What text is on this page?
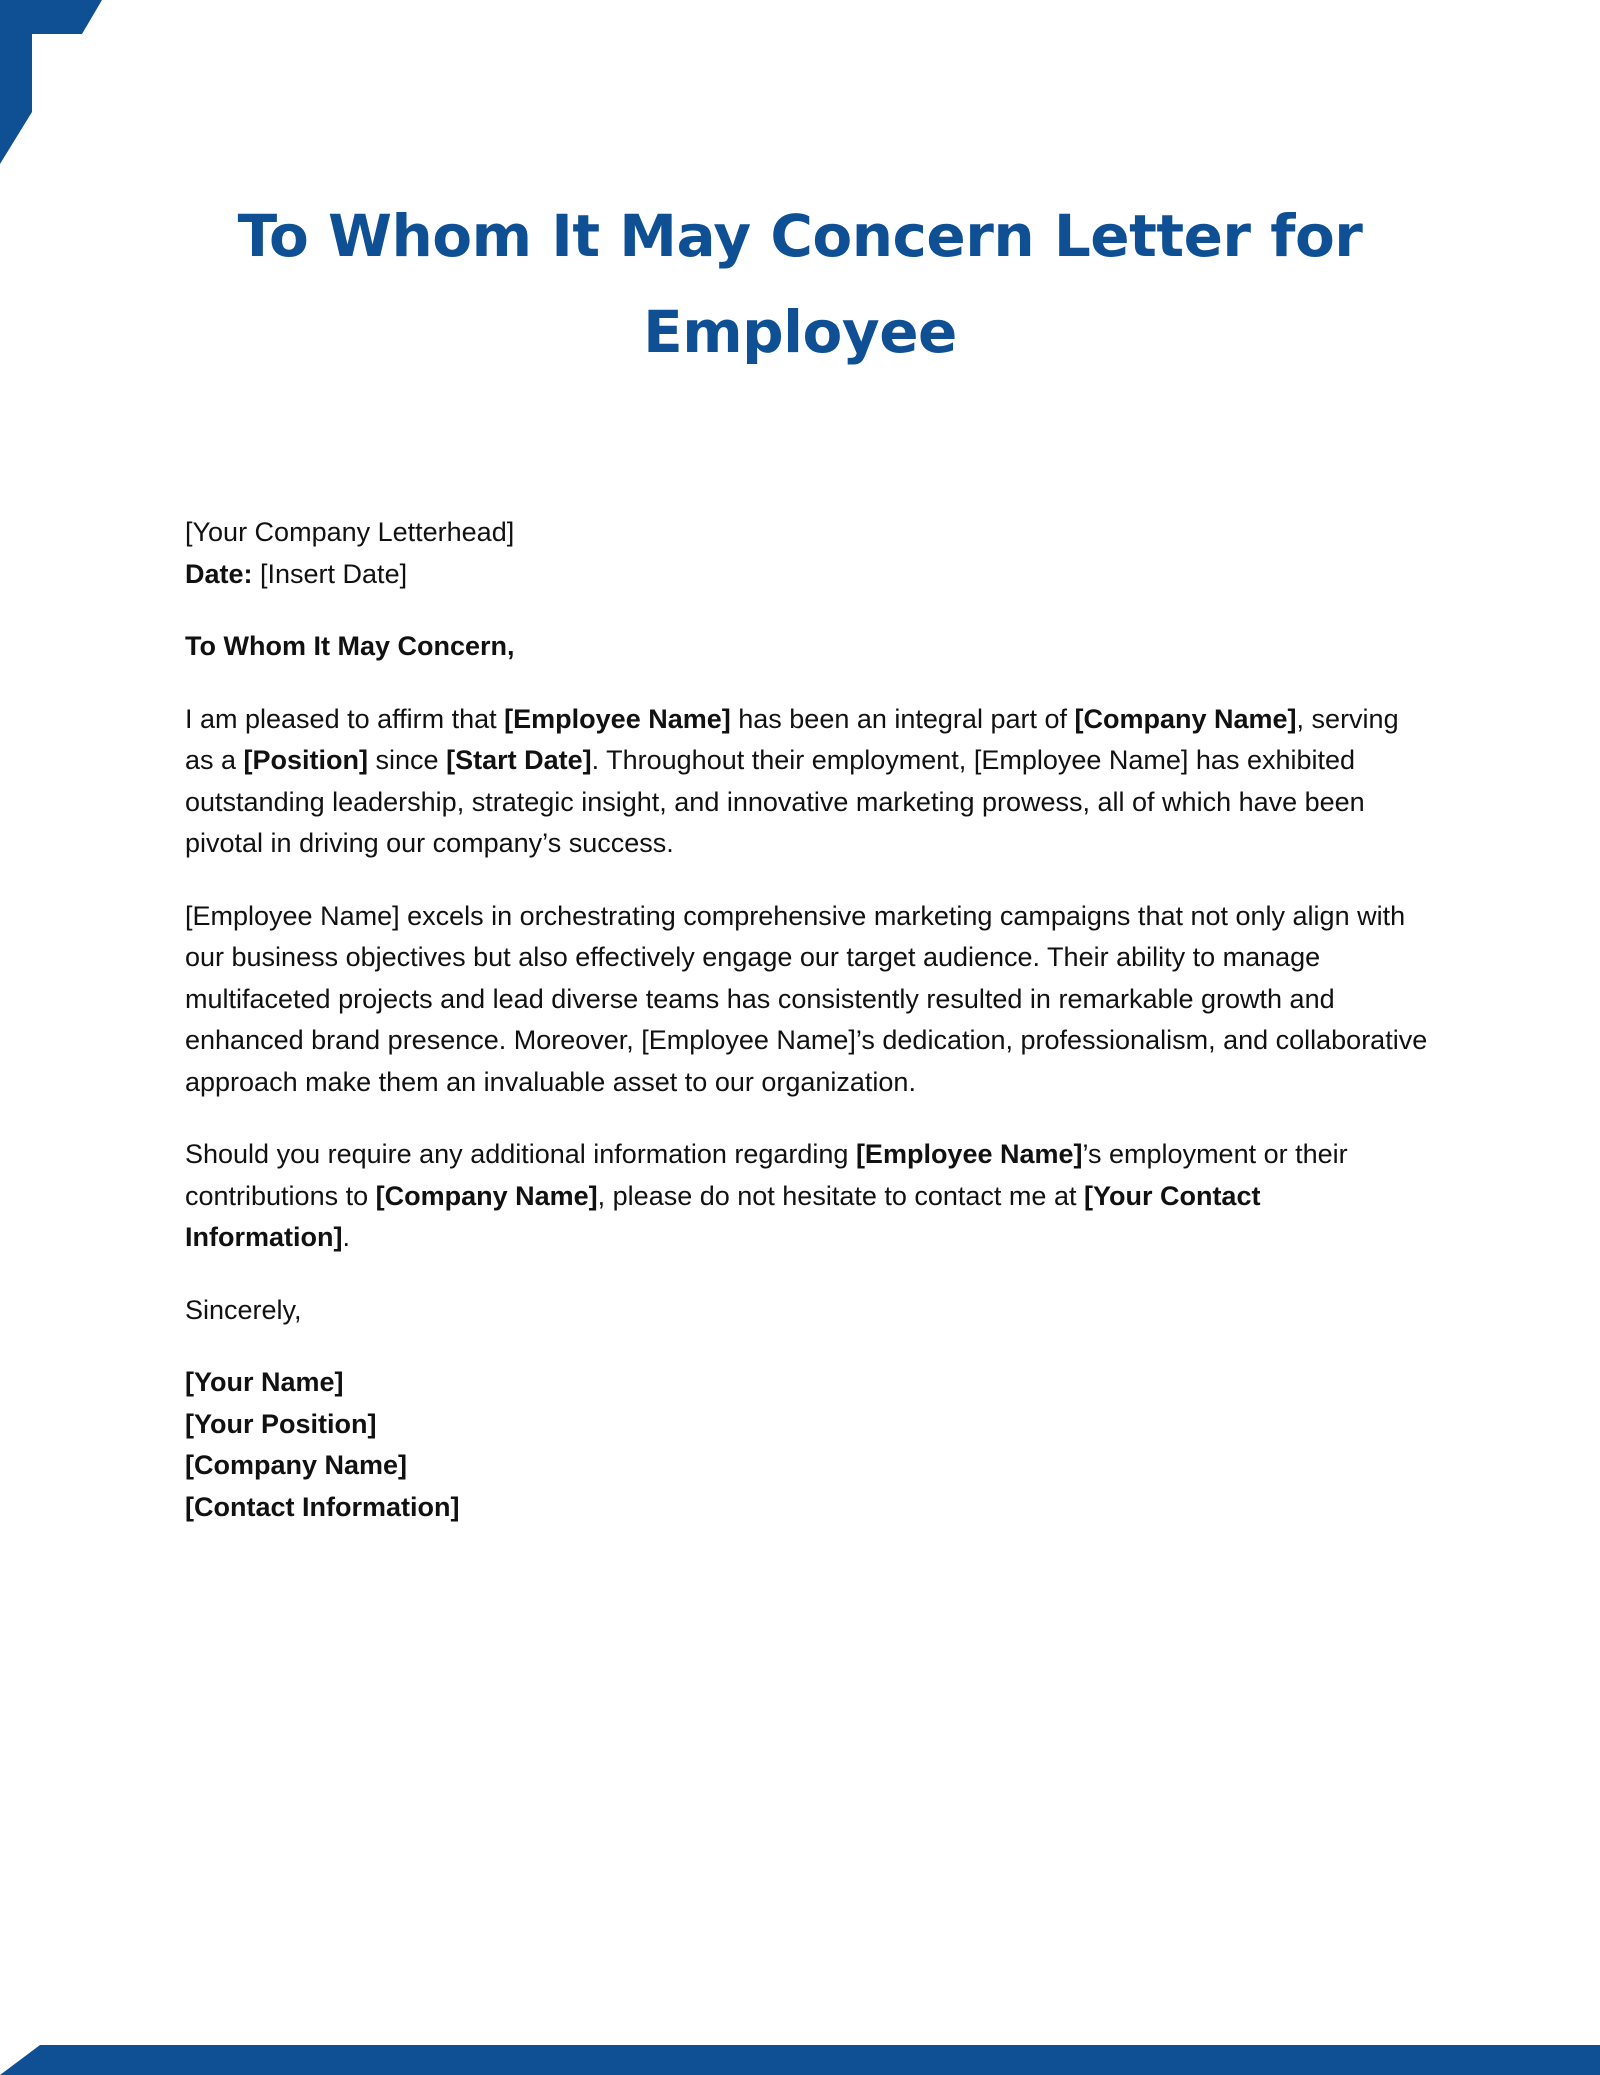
To Whom It May Concern Letter for Employee

[Your Company Letterhead]
Date: [Insert Date]

To Whom It May Concern,

I am pleased to affirm that [Employee Name] has been an integral part of [Company Name], serving as a [Position] since [Start Date]. Throughout their employment, [Employee Name] has exhibited outstanding leadership, strategic insight, and innovative marketing prowess, all of which have been pivotal in driving our company’s success.

[Employee Name] excels in orchestrating comprehensive marketing campaigns that not only align with our business objectives but also effectively engage our target audience. Their ability to manage multifaceted projects and lead diverse teams has consistently resulted in remarkable growth and enhanced brand presence. Moreover, [Employee Name]’s dedication, professionalism, and collaborative approach make them an invaluable asset to our organization.

Should you require any additional information regarding [Employee Name]’s employment or their contributions to [Company Name], please do not hesitate to contact me at [Your Contact Information].

Sincerely,

[Your Name]
[Your Position]
[Company Name]
[Contact Information]
